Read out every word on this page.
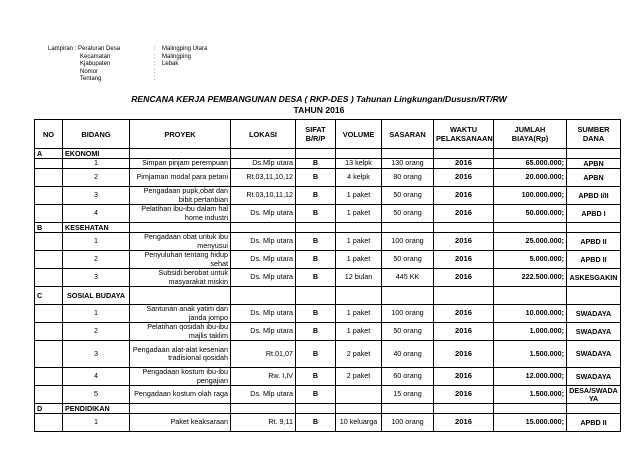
Lampiran : Peraturan Desa	:	Malingping Utara
Kecamatan	:	Malingping
Kjabupaten	:	Lebak
Nomor	:
Tentang	:
RENCANA KERJA PEMBANGUNAN DESA ( RKP-DES ) Tahunan Lingkungan/Dususn/RT/RW
TAHUN 2016
NO	BIDANG	PROYEK	LOKASI	SIFAT B/R/P	VOLUME	SASARAN	WAKTU PELAKSANAAN	JUMLAH BIAYA(Rp)	SUMBER DANA
A	EKONOMI								
	1	Simpan pinjam perempuan	Ds.Mlp utara	B	13 kelpk	130 orang	2016	65.000.000;	APBN
	2	Pimjaman modal para petani	Rt.03,11,10,12	B	4 kelpk	80 orang	2016	20.000.000;	APBN
	3	Pengadaan pupk,obat dan bibit pertanbian	Rt.03,10,11,12	B	1 paket	50 orang	2016	100.000.000;	APBD I/II
	4	Pelatihan ibu-ibu dalam hal home industri	Ds. Mlp utara	B	1 paket	50 orang	2016	50.000.000;	APBD I
B	KESEHATAN								
	1	Pengadaan obat untuk ibu menyusui	Ds. Mlp utara	B	1 paket	100 orang	2016	25.000.000;	APBD II
	2	Penyuluhan tentang hidup sehat	Ds. Mlp utara	B	1 paket	50 orang	2016	5.000.000;	APBD II
	3	Subsidi berobat untuk masyarakat miskin	Ds. Mlp utara	B	12 bulan	445 KK	2016	222.500.000;	ASKESGAKIN
C	SOSIAL BUDAYA								
	1	Santunan anak yatim dan janda jompo	Ds. Mlp utara	B	1 paket	100 orang	2016	10.000.000;	SWADAYA
	2	Pelatihan qosidah ibu-ibu majlis taklim	Ds. Mlp utara	B	1 paket	50 orang	2016	1.000.000;	SWADAYA
	3	Pengadaan alat-alat kesenian tradisional qosidah	Rt.01,07	B	2 paket	40 orang	2016	1.500.000;	SWADAYA
	4	Pengadaan kostum ibu-ibu pengajian	Rw. I,IV	B	2 paket	60 orang	2016	12.000.000;	SWADAYA
	5	Pengadaan kostum olah raga	Ds. Mlp utara	B		15 orang	2016	1.500.000;	DESA/SWADAYA
D	PENDIDIKAN								
	1	Paket keaksaraan	Rt. 9,11	B	10 keluarga	100 orang	2016	15.000.000;	APBD II
